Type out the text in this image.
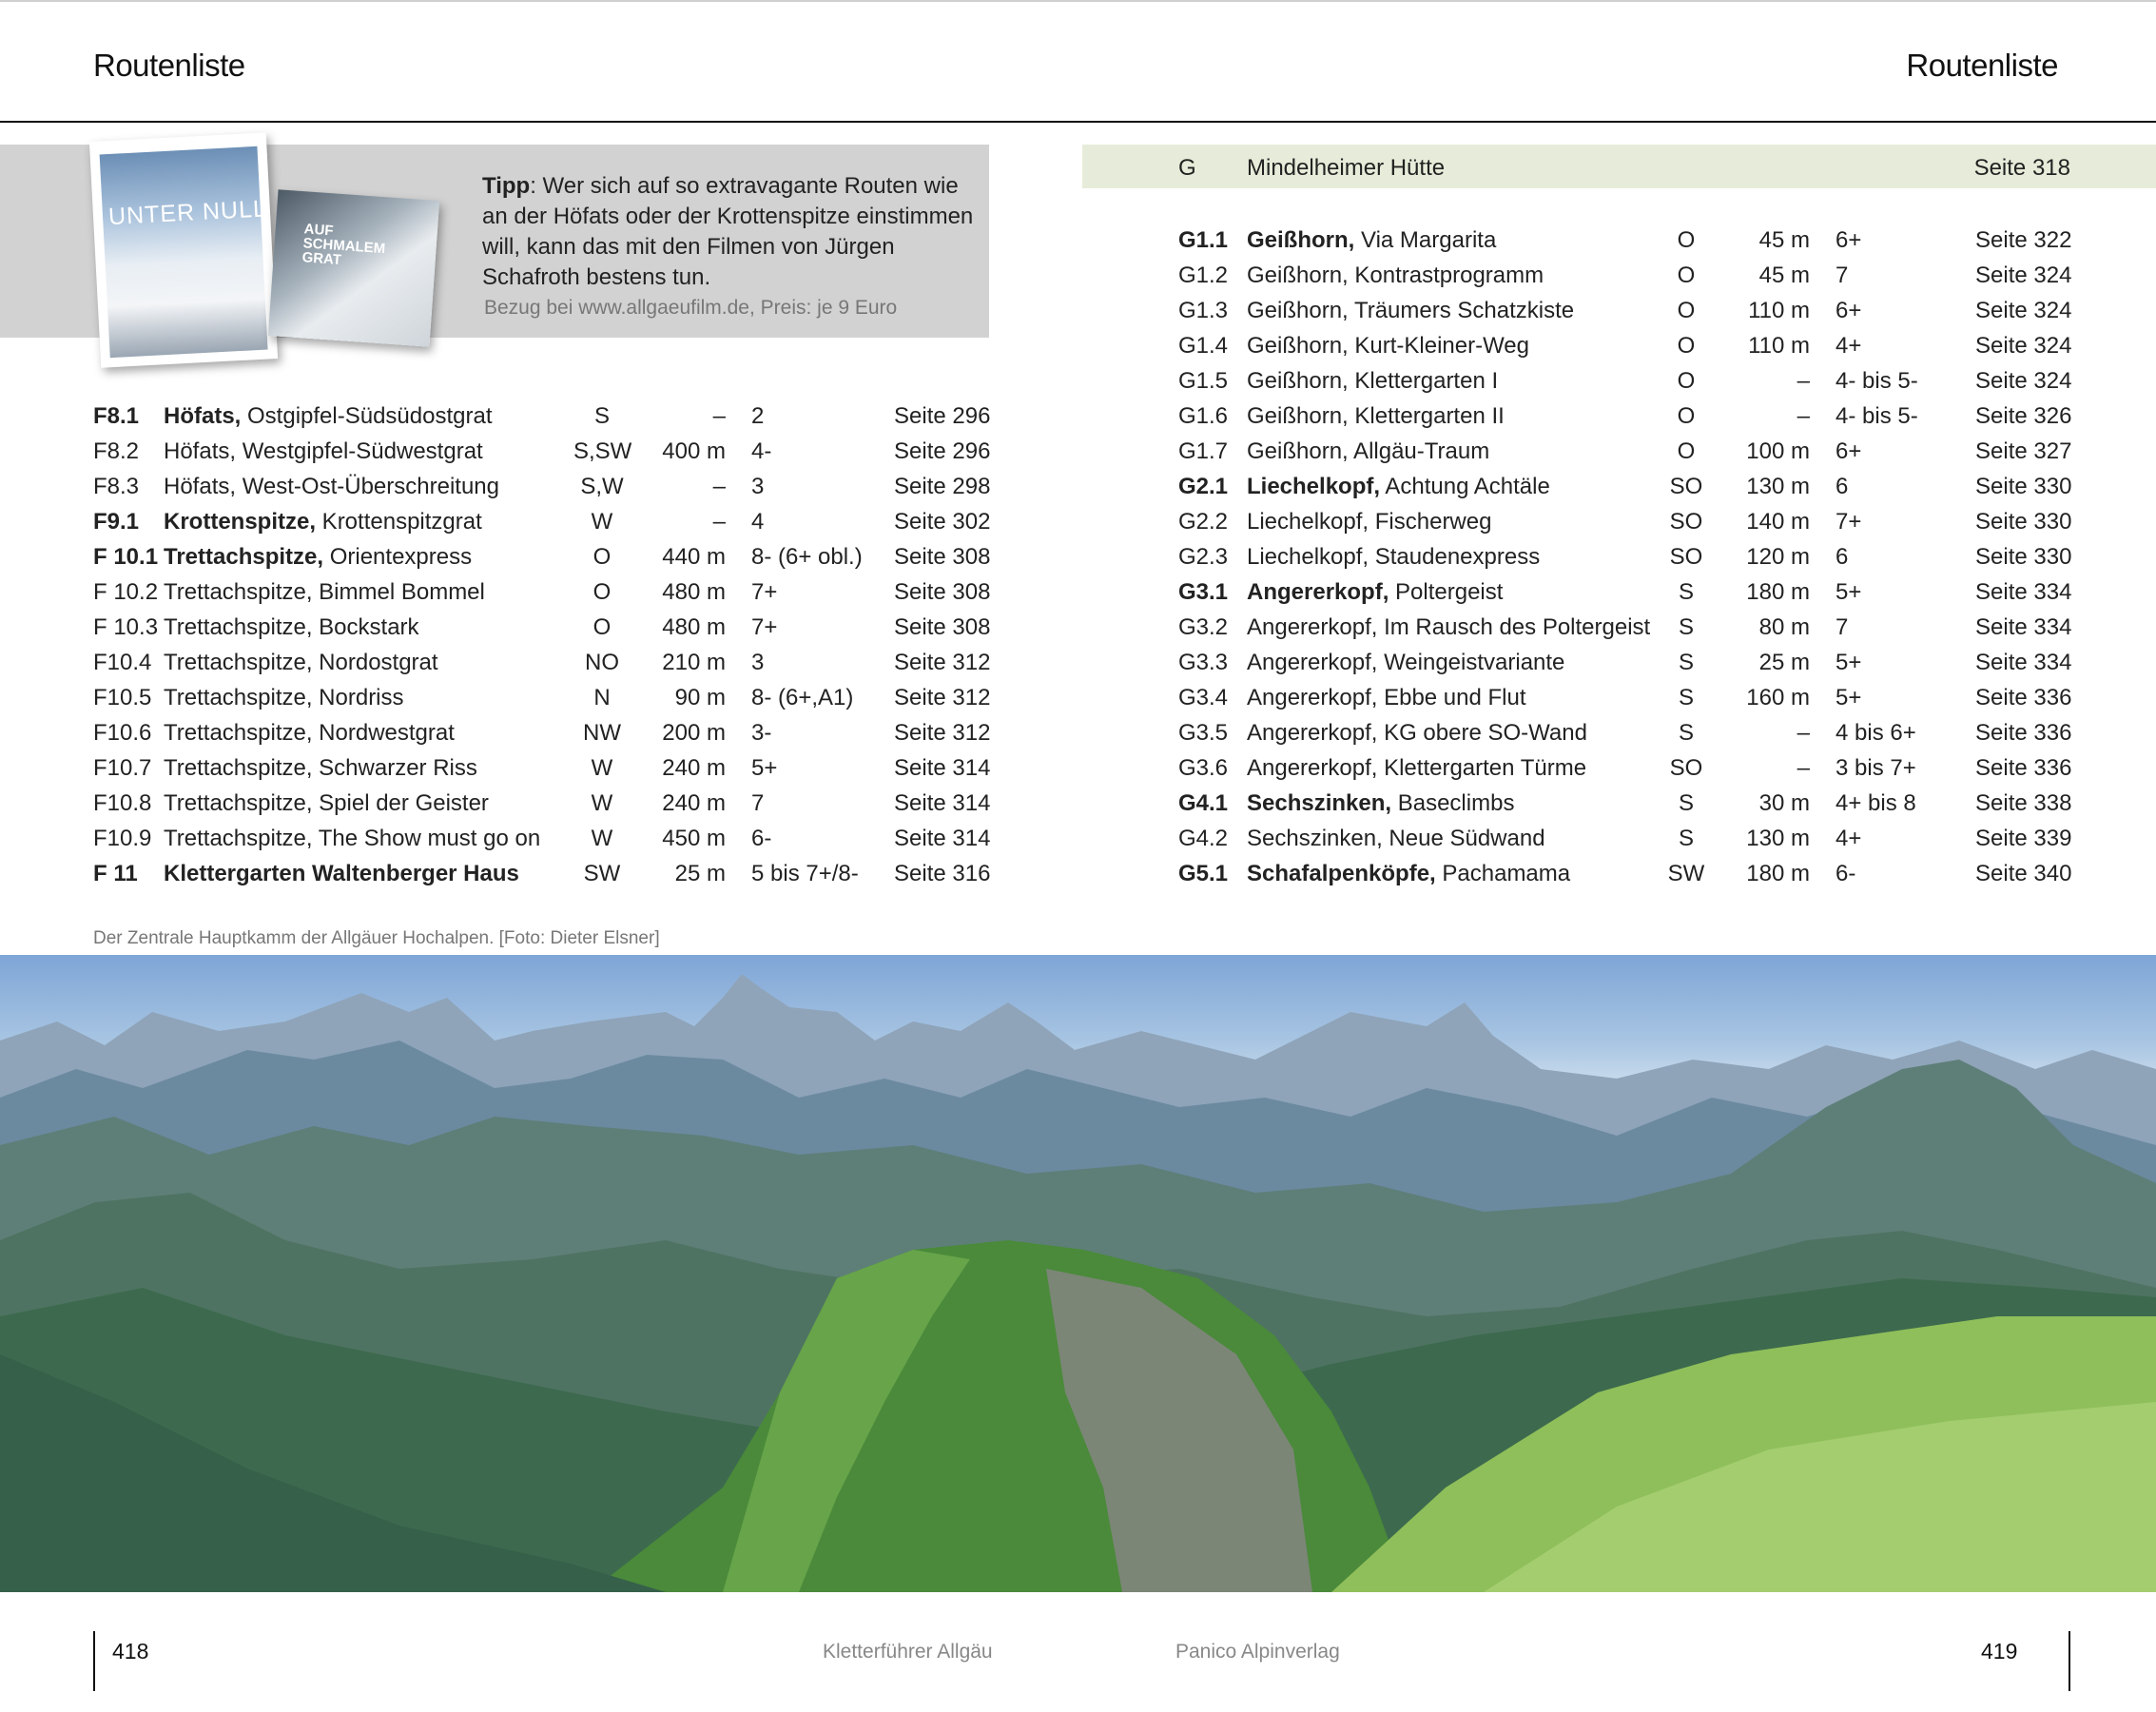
Routenliste	Routenliste
UNTER NULL	AUF SCHMALEM GRAT
Tipp: Wer sich auf so extravagante Routen wie an der Höfats oder der Krottenspitze einstimmen will, kann das mit den Filmen von Jürgen Schafroth bestens tun.
Bezug bei www.allgaeufilm.de, Preis: je 9 Euro
F8.1 Höfats, Ostgipfel-Südsüdostgrat	S	– 2	Seite 296
F8.2 Höfats, Westgipfel-Südwestgrat	S,SW	400 m 4-	Seite 296
F8.3 Höfats, West-Ost-Überschreitung	S,W	– 3	Seite 298
F9.1 Krottenspitze, Krottenspitzgrat	W	– 4	Seite 302
F 10.1 Trettachspitze, Orientexpress	O	440 m 8- (6+ obl.) Seite 308
F 10.2 Trettachspitze, Bimmel Bommel	O	480 m 7+	Seite 308
F 10.3 Trettachspitze, Bockstark	O	480 m 7+	Seite 308
F10.4 Trettachspitze, Nordostgrat	NO	210 m 3	Seite 312
F10.5 Trettachspitze, Nordriss	N	90 m 8- (6+,A1) Seite 312
F10.6 Trettachspitze, Nordwestgrat	NW	200 m 3-	Seite 312
F10.7 Trettachspitze, Schwarzer Riss	W	240 m 5+	Seite 314
F10.8 Trettachspitze, Spiel der Geister	W	240 m 7	Seite 314
F10.9 Trettachspitze, The Show must go on	W	450 m 6-	Seite 314
F 11 Klettergarten Waltenberger Haus	SW	25 m 5 bis 7+/8- Seite 316
G Mindelheimer Hütte	Seite 318
G1.1 Geißhorn, Via Margarita	O	45 m 6+	Seite 322
G1.2 Geißhorn, Kontrastprogramm	O	45 m 7	Seite 324
G1.3 Geißhorn, Träumers Schatzkiste	O	110 m 6+	Seite 324
G1.4 Geißhorn, Kurt-Kleiner-Weg	O	110 m 4+	Seite 324
G1.5 Geißhorn, Klettergarten I	O	– 4- bis 5-	Seite 324
G1.6 Geißhorn, Klettergarten II	O	– 4- bis 5-	Seite 326
G1.7 Geißhorn, Allgäu-Traum	O	100 m 6+	Seite 327
G2.1 Liechelkopf, Achtung Achtäle	SO	130 m 6	Seite 330
G2.2 Liechelkopf, Fischerweg	SO	140 m 7+	Seite 330
G2.3 Liechelkopf, Staudenexpress	SO	120 m 6	Seite 330
G3.1 Angererkopf, Poltergeist	S	180 m 5+	Seite 334
G3.2 Angererkopf, Im Rausch des Poltergeist	S	80 m 7	Seite 334
G3.3 Angererkopf, Weingeistvariante	S	25 m 5+	Seite 334
G3.4 Angererkopf, Ebbe und Flut	S	160 m 5+	Seite 336
G3.5 Angererkopf, KG obere SO-Wand	S	– 4 bis 6+	Seite 336
G3.6 Angererkopf, Klettergarten Türme	SO	– 3 bis 7+	Seite 336
G4.1 Sechszinken, Baseclimbs	S	30 m 4+ bis 8	Seite 338
G4.2 Sechszinken, Neue Südwand	S	130 m 4+	Seite 339
G5.1 Schafalpenköpfe, Pachamama	SW	180 m 6-	Seite 340
Der Zentrale Hauptkamm der Allgäuer Hochalpen. [Foto: Dieter Elsner]
418	Kletterführer Allgäu	Panico Alpinverlag	419
